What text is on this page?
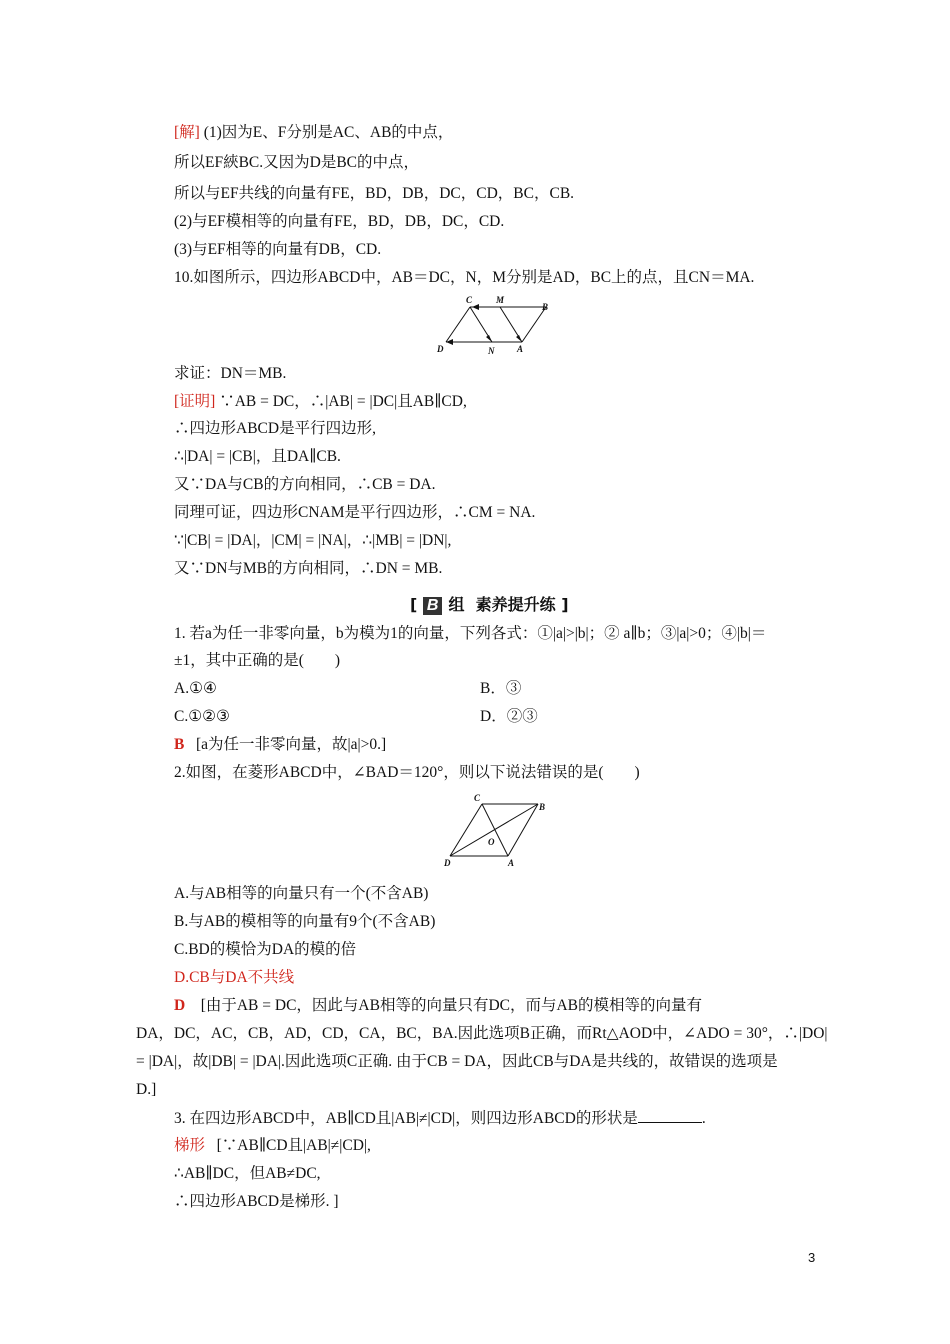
[解] (1)因为E、F分别是AC、AB的中点，
所以EF綊BC.又因为D是BC的中点，
所以与EF共线的向量有FE，BD，DB，DC，CD，BC，CB.
(2)与EF模相等的向量有FE，BD，DB，DC，CD.
(3)与EF相等的向量有DB，CD.
10.如图所示，四边形ABCD中，AB＝DC，N，M分别是AD，BC上的点，且CN＝MA.
C	M
B
D	N	A
求证：DN＝MB.
[证明] ∵AB = DC，∴|AB| = |DC|且AB∥CD,
∴四边形ABCD是平行四边形,
∴|DA| = |CB|，且DA∥CB.
又∵DA与CB的方向相同，∴CB = DA.
同理可证，四边形CNAM是平行四边形，∴CM = NA.
∵|CB| = |DA|，|CM| = |NA|，∴|MB| = |DN|,
又∵DN与MB的方向相同，∴DN = MB.
[ B 组 素养提升练 ]
1. 若a为任一非零向量，b为模为1的向量，下列各式：①|a|>|b|；② a∥b；③|a|>0；④|b|＝
±1，其中正确的是(　　)
A.①④	B．③
C.①②③	D．②③
B [a为任一非零向量，故|a|>0.]
2.如图，在菱形ABCD中，∠BAD＝120°，则以下说法错误的是(　　)
C
B
O
D	A
A.与AB相等的向量只有一个(不含AB)
B.与AB的模相等的向量有9个(不含AB)
C.BD的模恰为DA的模的倍
D.CB与DA不共线
D [由于AB = DC，因此与AB相等的向量只有DC，而与AB的模相等的向量有
DA，DC，AC，CB，AD，CD，CA，BC，BA.因此选项B正确，而Rt△AOD中，∠ADO = 30°，∴|DO|
= |DA|，故|DB| = |DA|.因此选项C正确. 由于CB = DA，因此CB与DA是共线的，故错误的选项是
D.]
3. 在四边形ABCD中，AB∥CD且|AB|≠|CD|，则四边形ABCD的形状是	.
梯形 [∵AB∥CD且|AB|≠|CD|,
∴AB∥DC，但AB≠DC,
∴四边形ABCD是梯形. ]
3
